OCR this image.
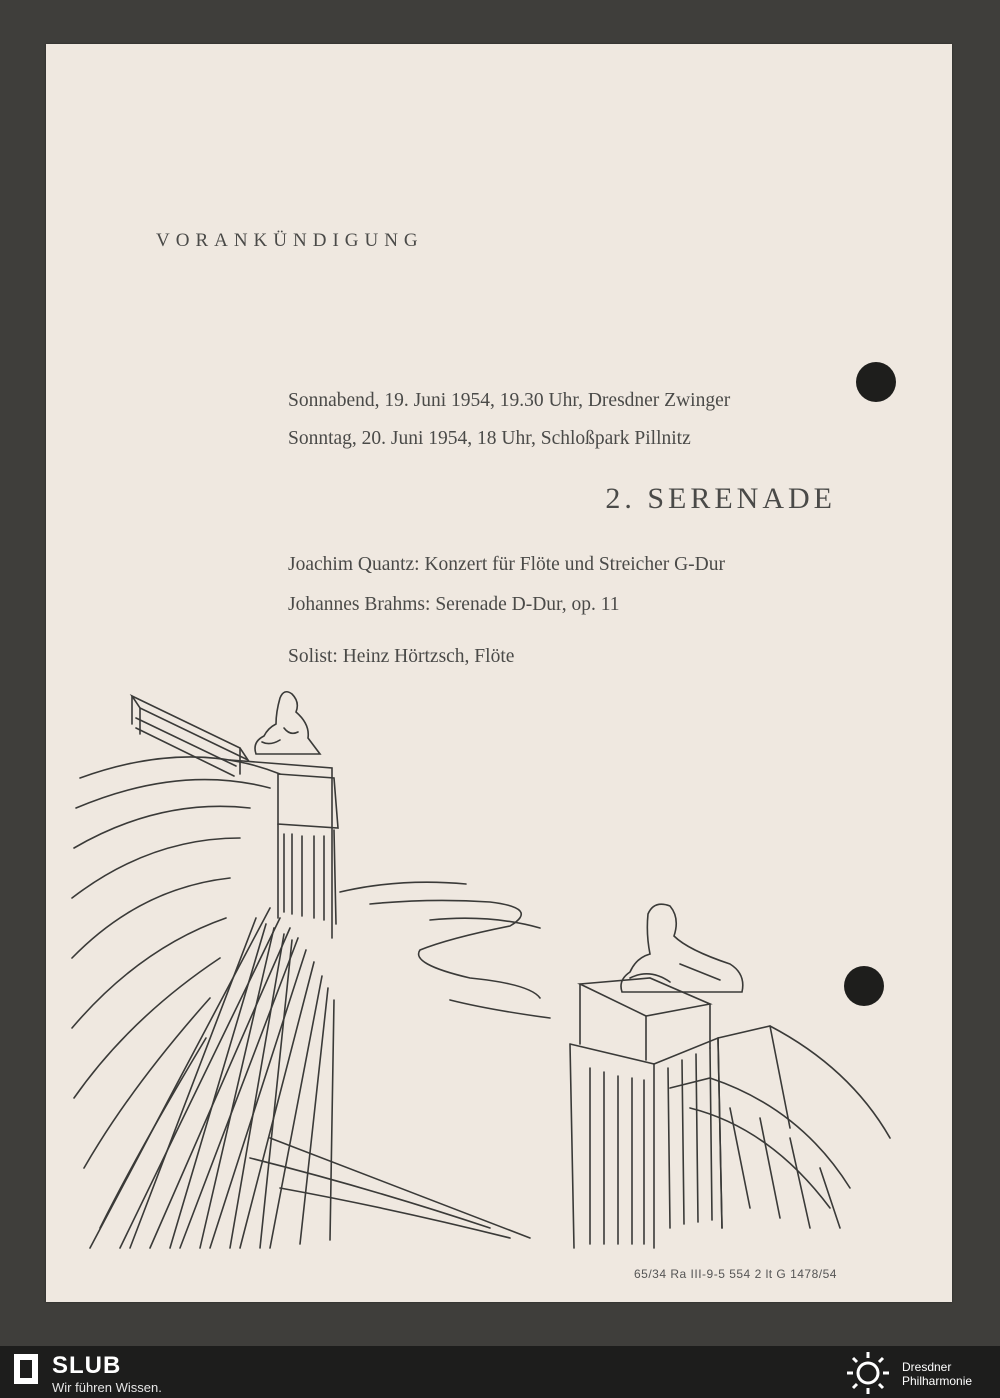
VORANKÜNDIGUNG
Sonnabend, 19. Juni 1954, 19.30 Uhr, Dresdner Zwinger
Sonntag, 20. Juni 1954, 18 Uhr, Schloßpark Pillnitz
2. SERENADE
Joachim Quantz: Konzert für Flöte und Streicher G-Dur
Johannes Brahms: Serenade D-Dur, op. 11
Solist: Heinz Hörtzsch, Flöte
65/34 Ra III-9-5 554 2 lt G 1478/54
SLUB
Wir führen Wissen.
Dresdner
Philharmonie
